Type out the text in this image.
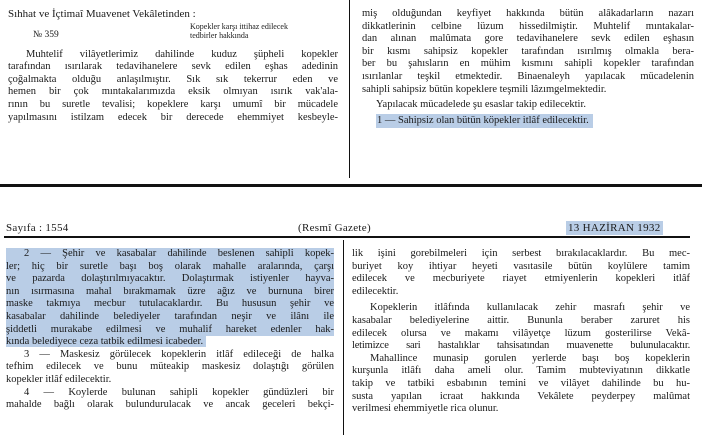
Sıhhat ve İçtimaî Muavenet Vekâletinden :
№ 359
Kopekler karşı ittihaz edilecek
tedbirler hakkında
Muhtelif vilâyetlerimiz dahilinde kuduz şüpheli kopekler
tarafından ısırılarak tedavihanelere sevk edilen eşhas adedinin
çoğalmakta olduğu anlaşılmıştır. Sık sık tekerrur eden ve
hemen bir çok mıntakalarımızda eksik olmıyan ısırık vak'ala-
rının bu suretle tevalisi; kopeklere karşı umumî bir mücadele
yapılmasını istilzam edecek bir derecede ehemmiyet kesbeyle-
miş olduğundan keyfiyet hakkında bütün alâkadarların nazarı
dikkatlerinin celbine lüzum hissedilmiştir. Muhtelif mıntakalar-
dan alınan malûmata gore tedavihanelere sevk edilen eşhasın
bir kısmı sahipsiz kopekler tarafından ısırılmış olmakla bera-
ber bu şahısların en mühim kısmını sahipli kopekler tarafından
ısırılanlar teşkil etmektedir. Binaenaleyh yapılacak mücadelenin
sahipli sahipsiz bütün kopeklere teşmili lâzımgelmektedir.
Yapılacak mücadelede şu esaslar takip edilecektir.
1 — Sahipsiz olan bütün köpekler itlâf edilecektir.
Sayıfa : 1554	(Resmî Gazete)	13 HAZİRAN 1932
2 — Şehir ve kasabalar dahilinde beslenen sahipli kopek-
ler; hiç bir suretle başı boş olarak mahalle aralarında, çarşı
ve pazarda dolaştırılmıyacaktır. Dolaştırmak istiyenler hayva-
nın ısırmasına mahal bırakmamak üzre ağız ve burnuna birer
maske takmıya mecbur tutulacaklardır. Bu hususun şehir ve
kasabalar dahilinde belediyeler tarafından neşir ve ilânı ile
şiddetli murakabe edilmesi ve muhalif hareket edenler hak-
kında belediyece ceza tatbik edilmesi icabeder.
3 — Maskesiz görülecek kopeklerin itlâf edileceği de halka
tefhim edilecek ve bunu müteakip maskesiz dolaştığı görülen
kopekler itlâf edilecektir.
4 — Koylerde bulunan sahipli kopekler gündüzleri bir
mahalde bağlı olarak bulundurulacak ve ancak geceleri bekçi-
lik işini gorebilmeleri için serbest bırakılacaklardır. Bu mec-
buriyet koy ihtiyar heyeti vasıtasile bütün koylülere tamim
edilecek ve mecburiyete riayet etmiyenlerin kopekleri itlâf
edilecektir.
Kopeklerin itlâfında kullanılacak zehir masrafı şehir ve
kasabalar belediyelerine aittir. Bununla beraber zaruret his
edilecek olursa ve makamı vilâyetçe lüzum gosterilirse Vekâ-
letimizce sari hastalıklar tahsisatından muavenette bulunulacaktır.
Mahallince munasip gorulen yerlerde başı boş kopeklerin
kurşunla itlâfı daha ameli olur. Tamim mubteviyatının dikkatle
takip ve tatbiki esbabının temini ve vilâyet dahilinde bu hu-
susta yapılan icraat hakkında Vekâlete peyderpey malûmat
verilmesi ehemmiyetle rica olunur.
